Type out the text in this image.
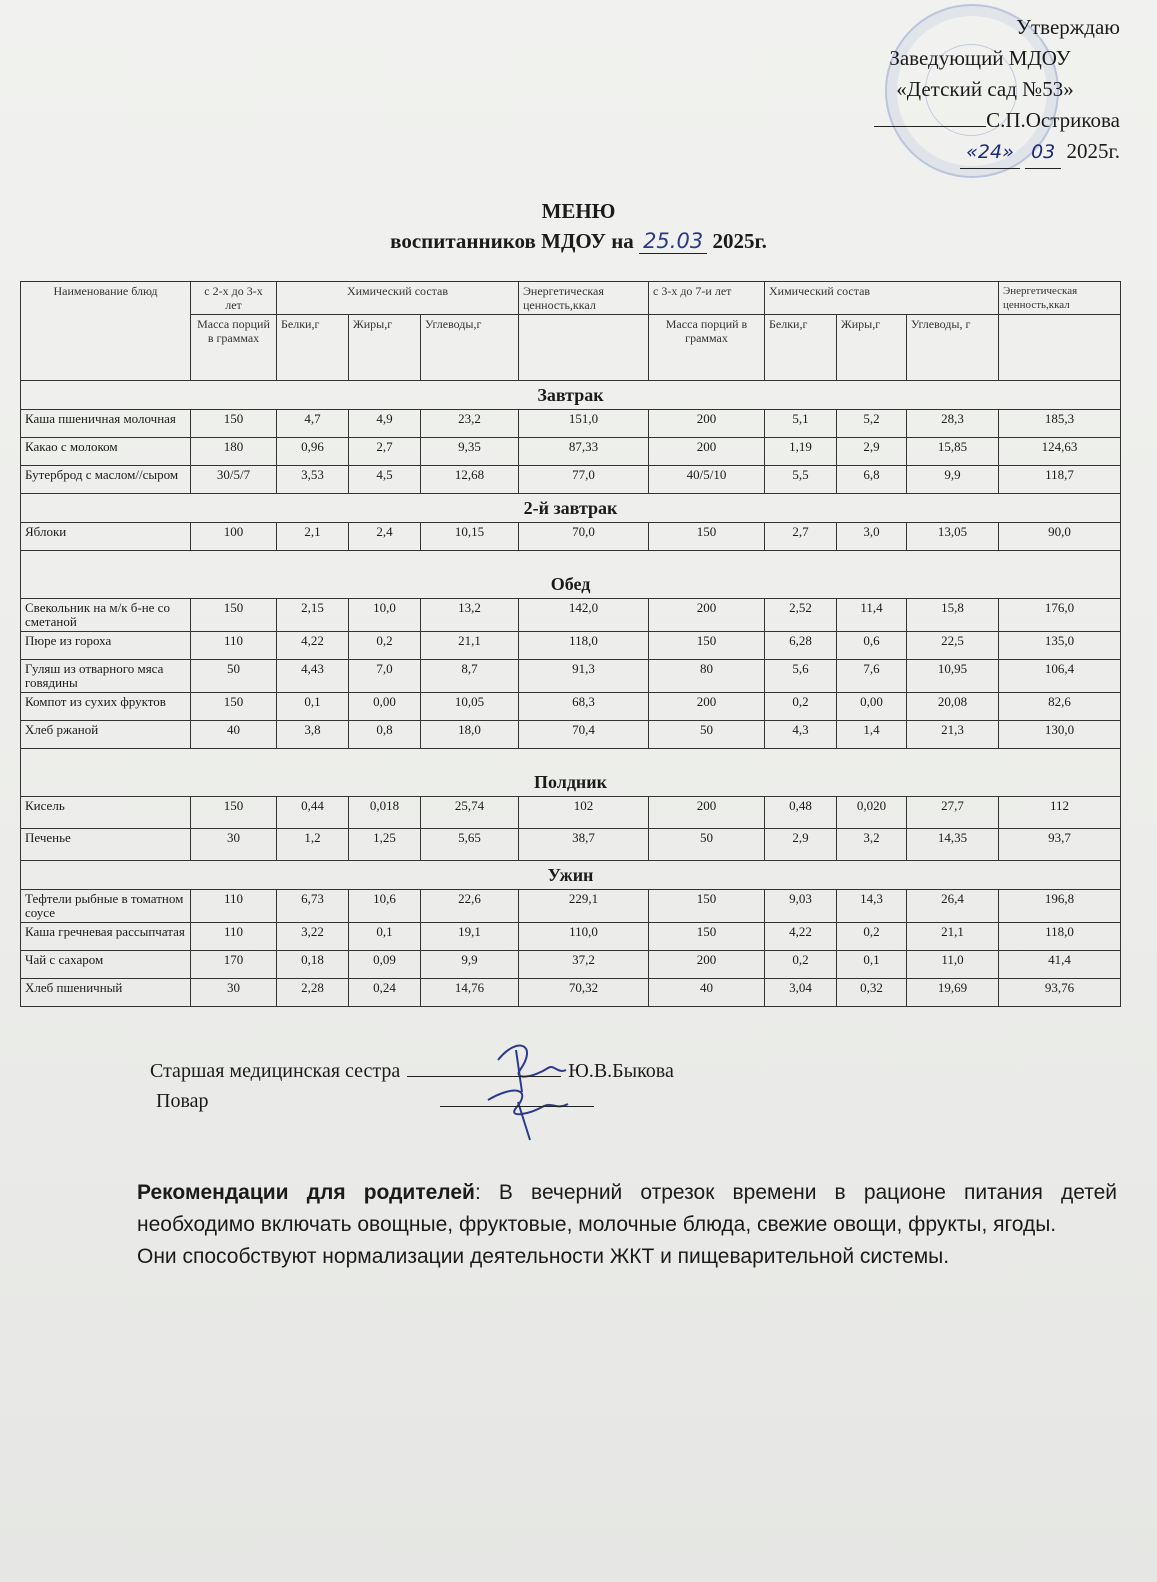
Утверждаю
Заведующий МДОУ
«Детский сад №53»
С.П.Острикова
«24» 03 2025г.
МЕНЮ
воспитанников МДОУ на 25.03 2025г.
Наименование блюд	с 2-х до 3-х лет	Химический состав			Энергетическая ценность,ккал	с 3-х до 7-и лет	Химический состав			Энергетическая ценность,ккал
	Масса порций в граммах	Белки,г	Жиры,г	Углеводы,г		Масса порций в граммах	Белки,г	Жиры,г	Углеводы, г	
Завтрак										
Каша пшеничная молочная	150	4,7	4,9	23,2	151,0	200	5,1	5,2	28,3	185,3
Какао с молоком	180	0,96	2,7	9,35	87,33	200	1,19	2,9	15,85	124,63
Бутерброд с маслом//сыром	30/5/7	3,53	4,5	12,68	77,0	40/5/10	5,5	6,8	9,9	118,7
2-й завтрак										
Яблоки	100	2,1	2,4	10,15	70,0	150	2,7	3,0	13,05	90,0
Обед										
Свекольник на м/к б-не со сметаной	150	2,15	10,0	13,2	142,0	200	2,52	11,4	15,8	176,0
Пюре из гороха	110	4,22	0,2	21,1	118,0	150	6,28	0,6	22,5	135,0
Гуляш из отварного мяса говядины	50	4,43	7,0	8,7	91,3	80	5,6	7,6	10,95	106,4
Компот из сухих фруктов	150	0,1	0,00	10,05	68,3	200	0,2	0,00	20,08	82,6
Хлеб ржаной	40	3,8	0,8	18,0	70,4	50	4,3	1,4	21,3	130,0
Полдник										
Кисель	150	0,44	0,018	25,74	102	200	0,48	0,020	27,7	112
Печенье	30	1,2	1,25	5,65	38,7	50	2,9	3,2	14,35	93,7
Ужин										
Тефтели рыбные в томатном соусе	110	6,73	10,6	22,6	229,1	150	9,03	14,3	26,4	196,8
Каша гречневая рассыпчатая	110	3,22	0,1	19,1	110,0	150	4,22	0,2	21,1	118,0
Чай с сахаром	170	0,18	0,09	9,9	37,2	200	0,2	0,1	11,0	41,4
Хлеб пшеничный	30	2,28	0,24	14,76	70,32	40	3,04	0,32	19,69	93,76
Старшая медицинская сестра	Ю.В.Быкова
Повар

Рекомендации для родителей: В вечерний отрезок времени в рационе питания детей необходимо включать овощные, фруктовые, молочные блюда, свежие овощи, фрукты, ягоды.

Они способствуют нормализации деятельности ЖКТ и пищеварительной системы.
